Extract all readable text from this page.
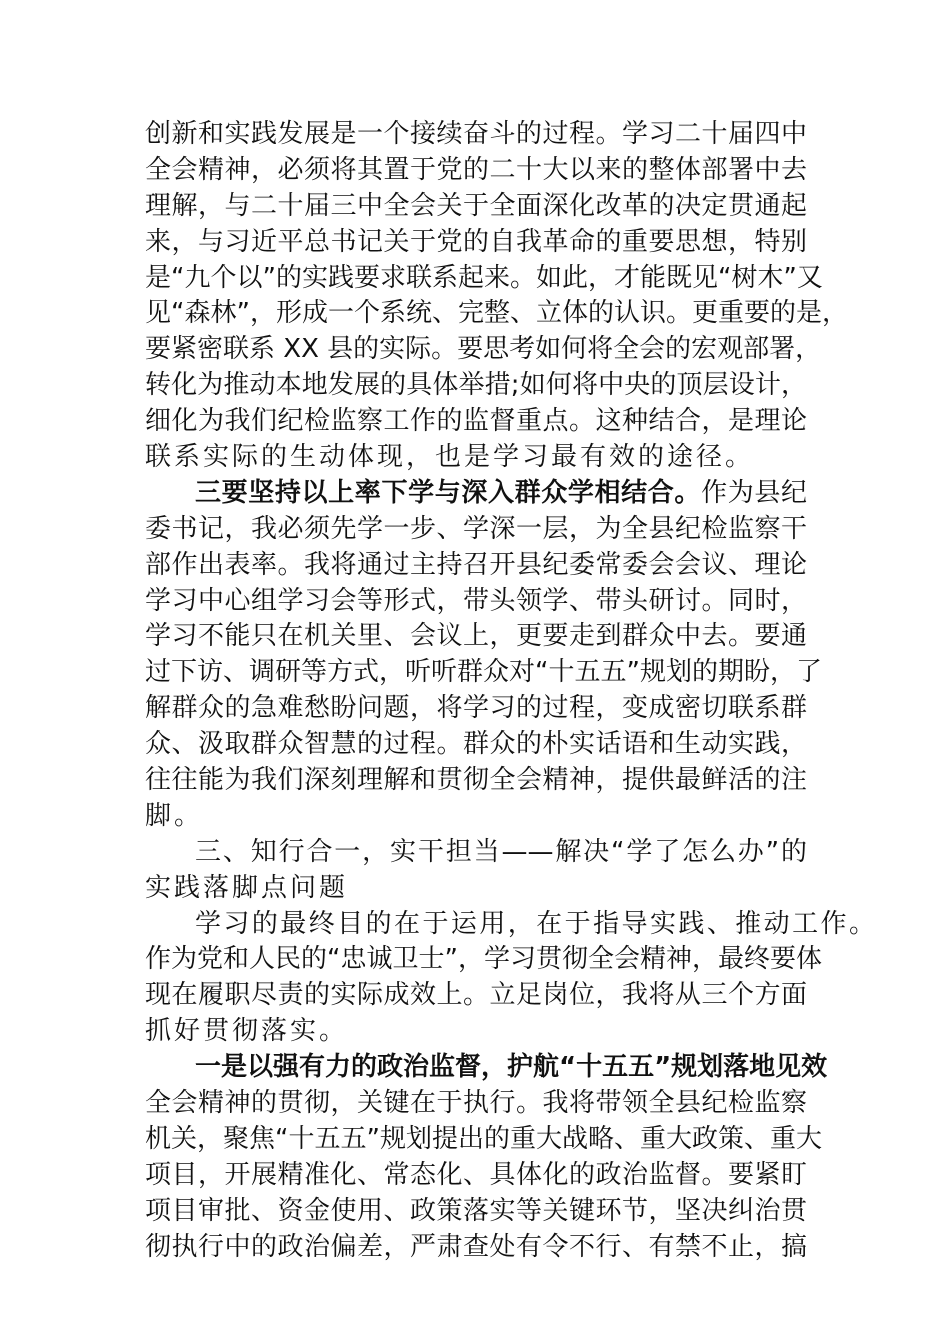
创新和实践发展是一个接续奋斗的过程。学习二十届四中
全会精神，必须将其置于党的二十大以来的整体部署中去
理解，与二十届三中全会关于全面深化改革的决定贯通起
来，与习近平总书记关于党的自我革命的重要思想，特别
是“九个以”的实践要求联系起来。如此，才能既见“树木”又
见“森林”，形成一个系统、完整、立体的认识。更重要的是，
要紧密联系 XX 县的实际。要思考如何将全会的宏观部署，
转化为推动本地发展的具体举措;如何将中央的顶层设计，
细化为我们纪检监察工作的监督重点。这种结合，是理论
联系实际的生动体现，也是学习最有效的途径。
三要坚持以上率下学与深入群众学相结合。作为县纪
委书记，我必须先学一步、学深一层，为全县纪检监察干
部作出表率。我将通过主持召开县纪委常委会会议、理论
学习中心组学习会等形式，带头领学、带头研讨。同时，
学习不能只在机关里、会议上，更要走到群众中去。要通
过下访、调研等方式，听听群众对“十五五”规划的期盼，了
解群众的急难愁盼问题，将学习的过程，变成密切联系群
众、汲取群众智慧的过程。群众的朴实话语和生动实践，
往往能为我们深刻理解和贯彻全会精神，提供最鲜活的注
脚。
三、知行合一，实干担当——解决“学了怎么办”的
实践落脚点问题
学习的最终目的在于运用，在于指导实践、推动工作。
作为党和人民的“忠诚卫士”，学习贯彻全会精神，最终要体
现在履职尽责的实际成效上。立足岗位，我将从三个方面
抓好贯彻落实。
一是以强有力的政治监督，护航“十五五”规划落地见效
全会精神的贯彻，关键在于执行。我将带领全县纪检监察
机关，聚焦“十五五”规划提出的重大战略、重大政策、重大
项目，开展精准化、常态化、具体化的政治监督。要紧盯
项目审批、资金使用、政策落实等关键环节，坚决纠治贯
彻执行中的政治偏差，严肃查处有令不行、有禁不止，搞
